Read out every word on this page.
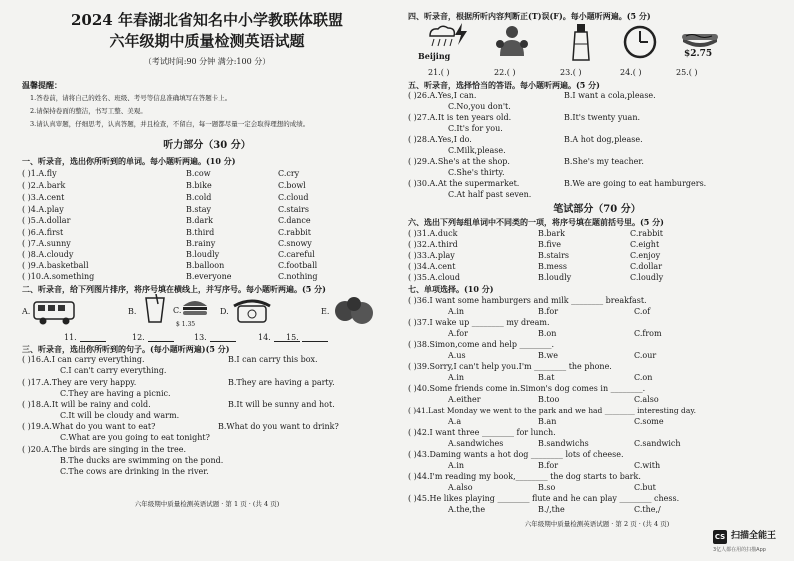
2024 年春湖北省知名中小学教联体联盟
六年级期中质量检测英语试题
（考试时间:90 分钟 满分:100 分）
温馨提醒：
1.答卷前，请将自己的姓名、班级、考号等信息准确填写在答题卡上。
2.请保持卷面的整洁，书写工整、美观。
3.请认真审题，仔细思考，认真答题，并且检查，不留白，每一题都尽量一定会取得理想的成绩。
听力部分（30 分）
一、听录音，选出你所听到的单词。每小题听两遍。(10 分)
( )1.A.fly	B.cow	C.cry
( )2.A.bark	B.bike	C.bowl
( )3.A.cent	B.cold	C.cloud
( )4.A.play	B.stay	C.stairs
( )5.A.dollar	B.dark	C.dance
( )6.A.first	B.third	C.rabbit
( )7.A.sunny	B.rainy	C.snowy
( )8.A.cloudy	B.loudly	C.careful
( )9.A.basketball	B.balloon	C.football
( )10.A.something	B.everyone	C.nothing
二、听录音，给下列图片排序，将序号填在横线上，并写序号。每小题听两遍。(5 分)
A.	B.	C.
$ 1.35
D.	E.
11.	12.	13.	14. 15.
三、听录音，选出你所听到的句子。(每小题听两遍)(5 分)
( )16.A.I can carry everything.	B.I can carry this box.
C.I can't carry everything.
( )17.A.They are very happy.	B.They are having a party.
C.They are having a picnic.
( )18.A.It will be rainy and cold.	B.It will be sunny and hot.
C.It will be cloudy and warm.
( )19.A.What do you want to eat?	B.What do you want to drink?
C.What are you going to eat tonight?
( )20.A.The birds are singing in the tree.
B.The ducks are swimming on the pond.
C.The cows are drinking in the river.
六年级期中质量检测英语试题 · 第 1 页 · (共 4 页)
四、听录音，根据所听内容判断正(T)误(F)。每小题听两遍。(5 分)
Beijing	$2.75
21.( )	22.( )	23.( )	24.( )	25.( )
五、听录音，选择恰当的答语。每小题听两遍。(5 分)
( )26.A.Yes,I can.	B.I want a cola,please.
C.No,you don't.
( )27.A.It is ten years old.	B.It's twenty yuan.
C.It's for you.
( )28.A.Yes,I do.	B.A hot dog,please.
C.Milk,please.
( )29.A.She's at the shop.	B.She's my teacher.
C.She's thirty.
( )30.A.At the supermarket.	B.We are going to eat hamburgers.
C.At half past seven.
笔试部分（70 分）
六、选出下列每组单词中不同类的一项，将序号填在题前括号里。(5 分)
( )31.A.duck	B.bark	C.rabbit
( )32.A.third	B.five	C.eight
( )33.A.play	B.stairs	C.enjoy
( )34.A.cent	B.mess	C.dollar
( )35.A.cloud	B.loudly	C.loudly
七、单项选择。(10 分)
( )36.I want some hamburgers and milk ________ breakfast.
A.in	B.for	C.of
( )37.I wake up ________ my dream.
A.for	B.on	C.from
( )38.Simon,come and help ________.
A.us	B.we	C.our
( )39.Sorry,I can't help you.I'm ________ the phone.
A.in	B.at	C.on
( )40.Some friends come in.Simon's dog comes in ________.
A.either	B.too	C.also
( )41.Last Monday we went to the park and we had ________ interesting day.
A.a	B.an	C.some
( )42.I want three ________ for lunch.
A.sandwiches	B.sandwichs	C.sandwich
( )43.Daming wants a hot dog ________ lots of cheese.
A.in	B.for	C.with
( )44.I'm reading my book,________ the dog starts to bark.
A.also	B.so	C.but
( )45.He likes playing ________ flute and he can play ________ chess.
A.the,the	B./,the	C.the,/
六年级期中质量检测英语试题 · 第 2 页 · (共 4 页)
CS 扫描全能王
3亿人都在用的扫描App
